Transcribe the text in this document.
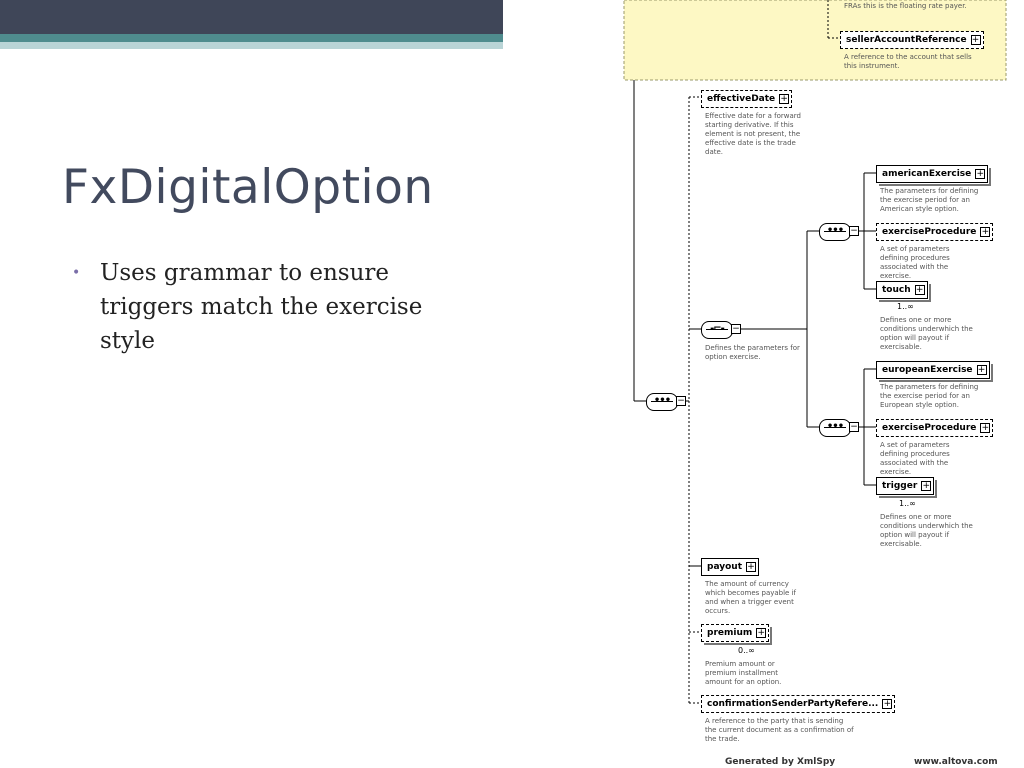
FxDigitalOption
• Uses grammar to ensure triggers match the exercise style
FRAs this is the floating rate payer.
sellerAccountReference +
A reference to the account that sells this instrument.
••• −
effectiveDate +
Effective date for a forward starting derivative. If this element is not present, the effective date is the trade date.
-⌐- −
Defines the parameters for option exercise.
••• −
••• −
americanExercise +
The parameters for defining the exercise period for an American style option.
exerciseProcedure +
A set of parameters defining procedures associated with the exercise.
touch +
1..∞
Defines one or more conditions underwhich the option will payout if exercisable.
europeanExercise +
The parameters for defining the exercise period for an European style option.
exerciseProcedure +
A set of parameters defining procedures associated with the exercise.
trigger +
1..∞
Defines one or more conditions underwhich the option will payout if exercisable.
payout +
The amount of currency which becomes payable if and when a trigger event occurs.
premium +
0..∞
Premium amount or premium installment amount for an option.
confirmationSenderPartyRefere... +
A reference to the party that is sending the current document as a confirmation of the trade.
Generated by XmlSpy	www.altova.com
